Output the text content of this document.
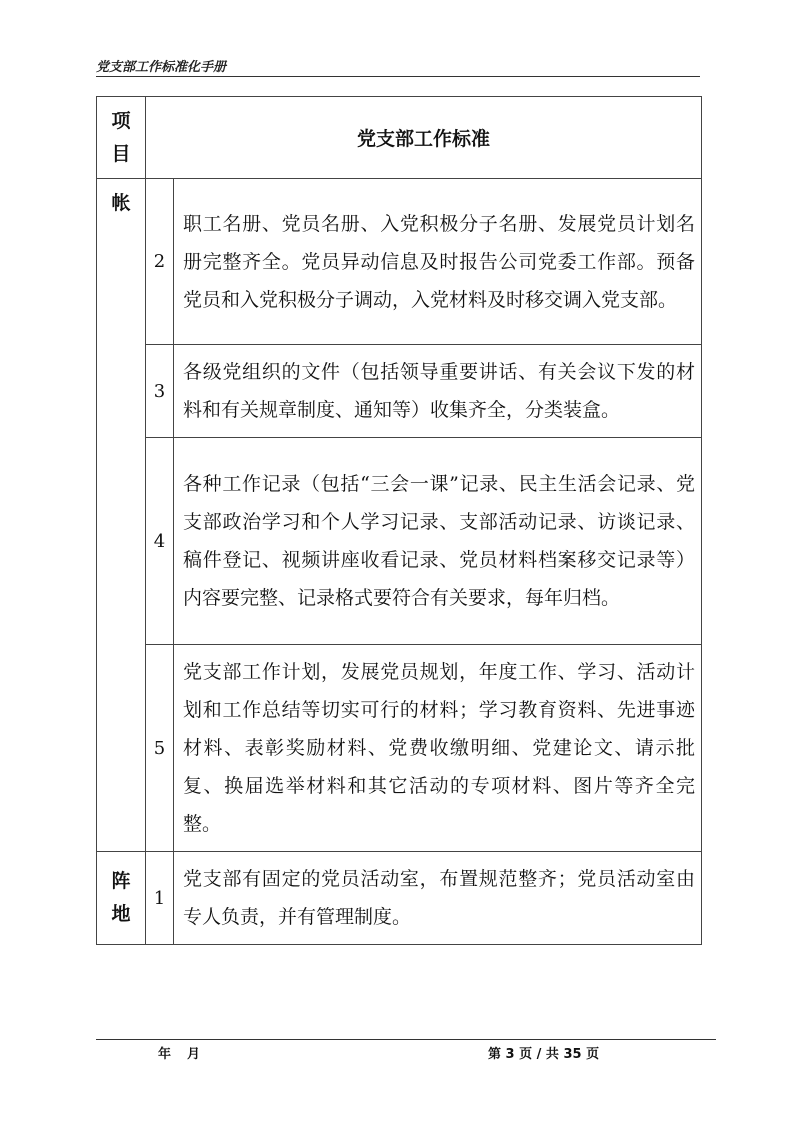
党支部工作标准化手册
项
目	党支部工作标准	

帐	2	职工名册、党员名册、入党积极分子名册、发展党员计划名册完整齐全。党员异动信息及时报告公司党委工作部。预备党员和入党积极分子调动，入党材料及时移交调入党支部。
	3	各级党组织的文件（包括领导重要讲话、有关会议下发的材料和有关规章制度、通知等）收集齐全，分类装盒。
	4	各种工作记录（包括“三会一课”记录、民主生活会记录、党支部政治学习和个人学习记录、支部活动记录、访谈记录、稿件登记、视频讲座收看记录、党员材料档案移交记录等）内容要完整、记录格式要符合有关要求，每年归档。
	5	党支部工作计划，发展党员规划，年度工作、学习、活动计划和工作总结等切实可行的材料；学习教育资料、先进事迹材料、表彰奖励材料、党费收缴明细、党建论文、请示批复、换届选举材料和其它活动的专项材料、图片等齐全完整。

阵
地	1	党支部有固定的党员活动室，布置规范整齐；党员活动室由专人负责，并有管理制度。
年 月	第 3 页 / 共 35 页
